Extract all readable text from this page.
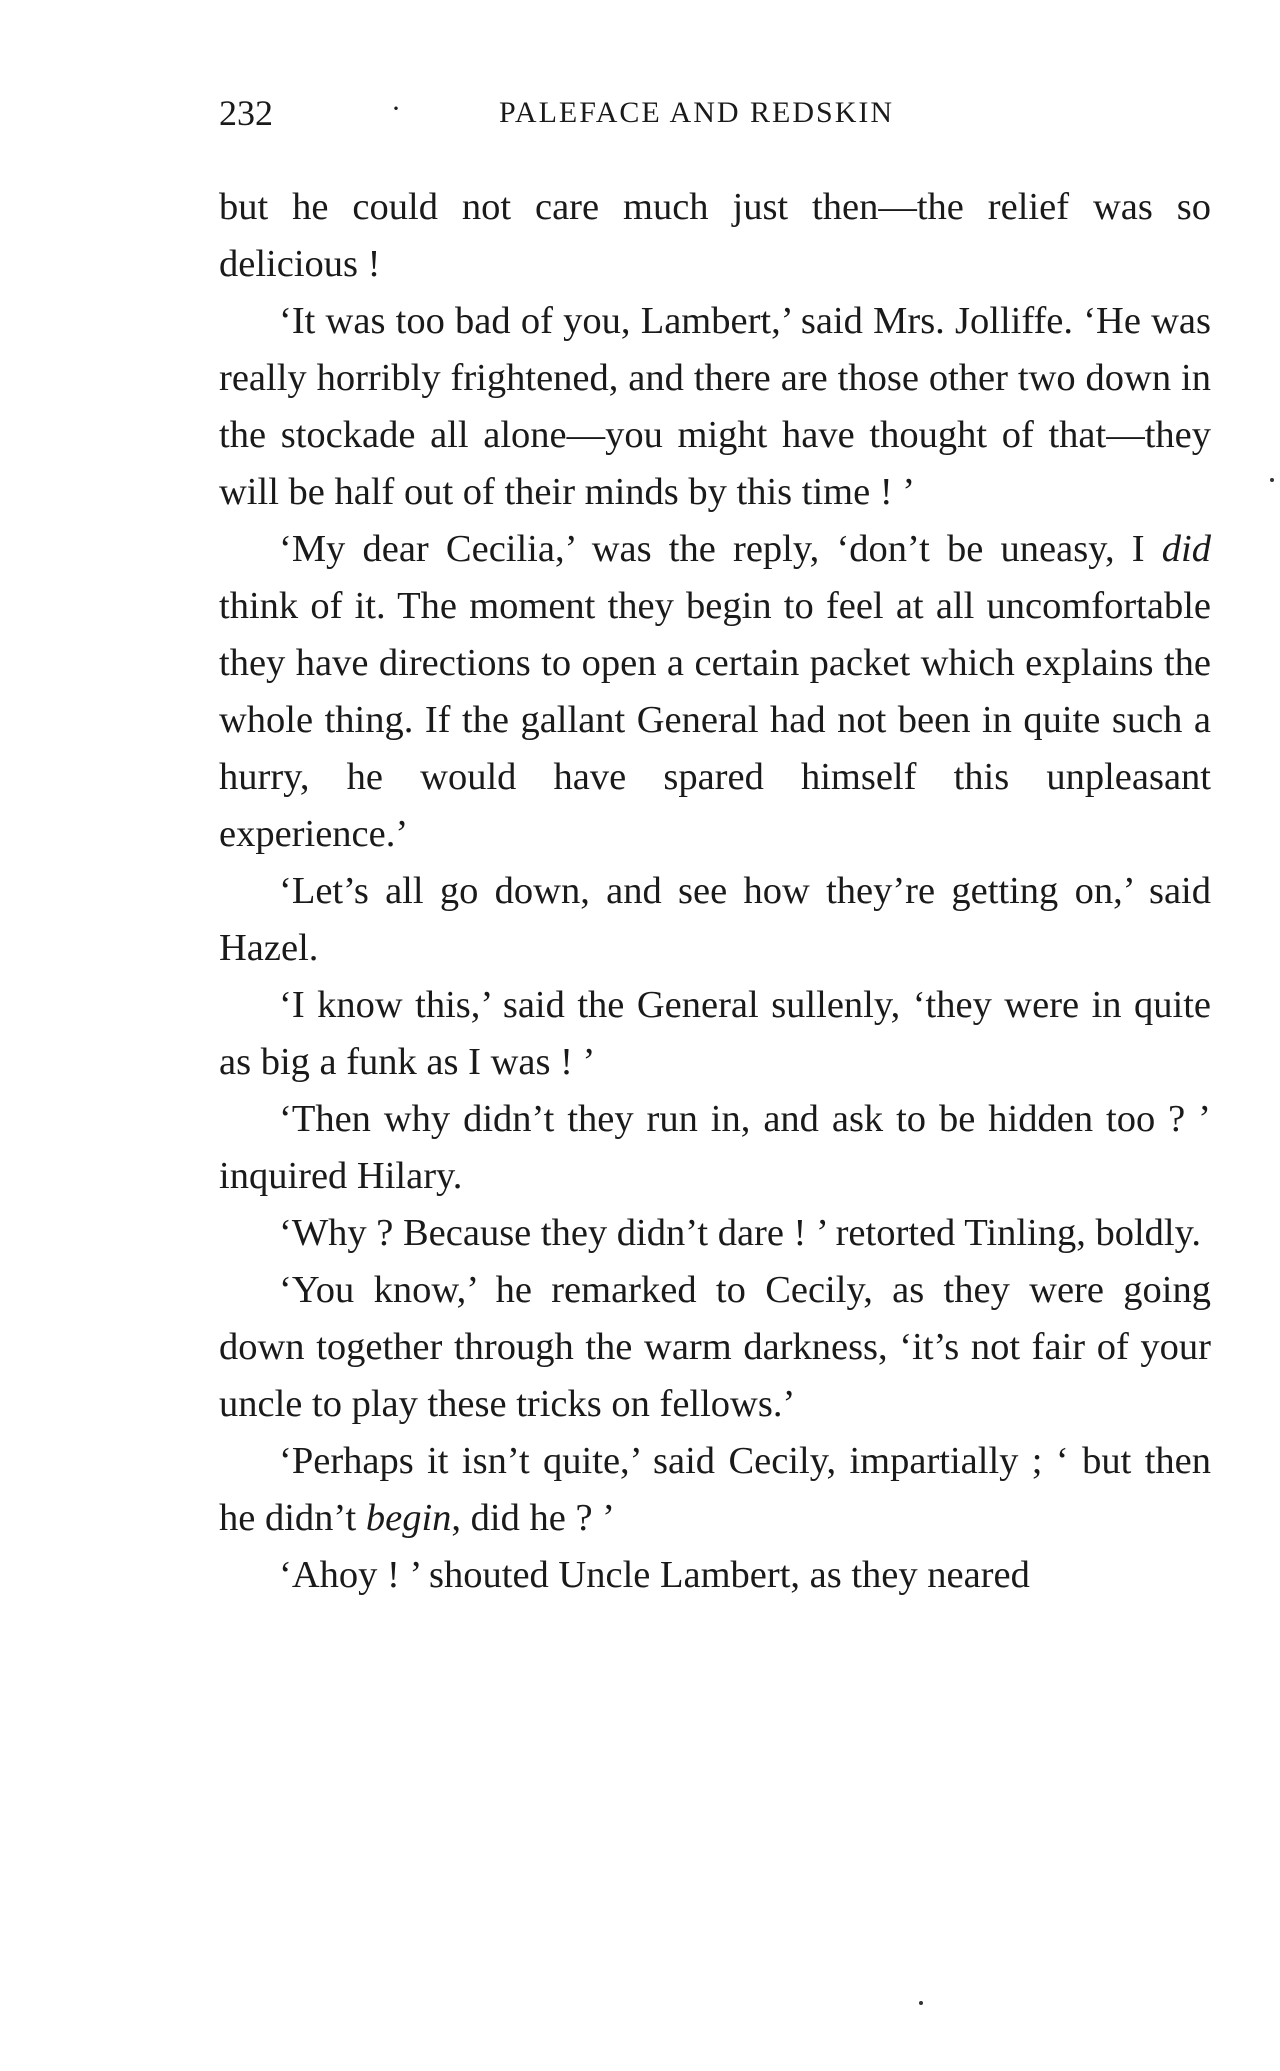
232	·	PALEFACE AND REDSKIN

but he could not care much just then—the relief was so delicious !

‘It was too bad of you, Lambert,’ said Mrs. Jolliffe. ‘He was really horribly frightened, and there are those other two down in the stockade all alone—you might have thought of that—they will be half out of their minds by this time ! ’

‘My dear Cecilia,’ was the reply, ‘don’t be uneasy, I did think of it. The moment they begin to feel at all uncomfortable they have directions to open a certain packet which explains the whole thing. If the gallant General had not been in quite such a hurry, he would have spared himself this unpleasant experience.’

‘Let’s all go down, and see how they’re getting on,’ said Hazel.

‘I know this,’ said the General sullenly, ‘they were in quite as big a funk as I was ! ’

‘Then why didn’t they run in, and ask to be hidden too ? ’ inquired Hilary.

‘Why ? Because they didn’t dare ! ’ retorted Tinling, boldly.

‘You know,’ he remarked to Cecily, as they were going down together through the warm darkness, ‘it’s not fair of your uncle to play these tricks on fellows.’

‘Perhaps it isn’t quite,’ said Cecily, impartially ; ‘ but then he didn’t begin, did he ? ’

‘Ahoy ! ’ shouted Uncle Lambert, as they neared
